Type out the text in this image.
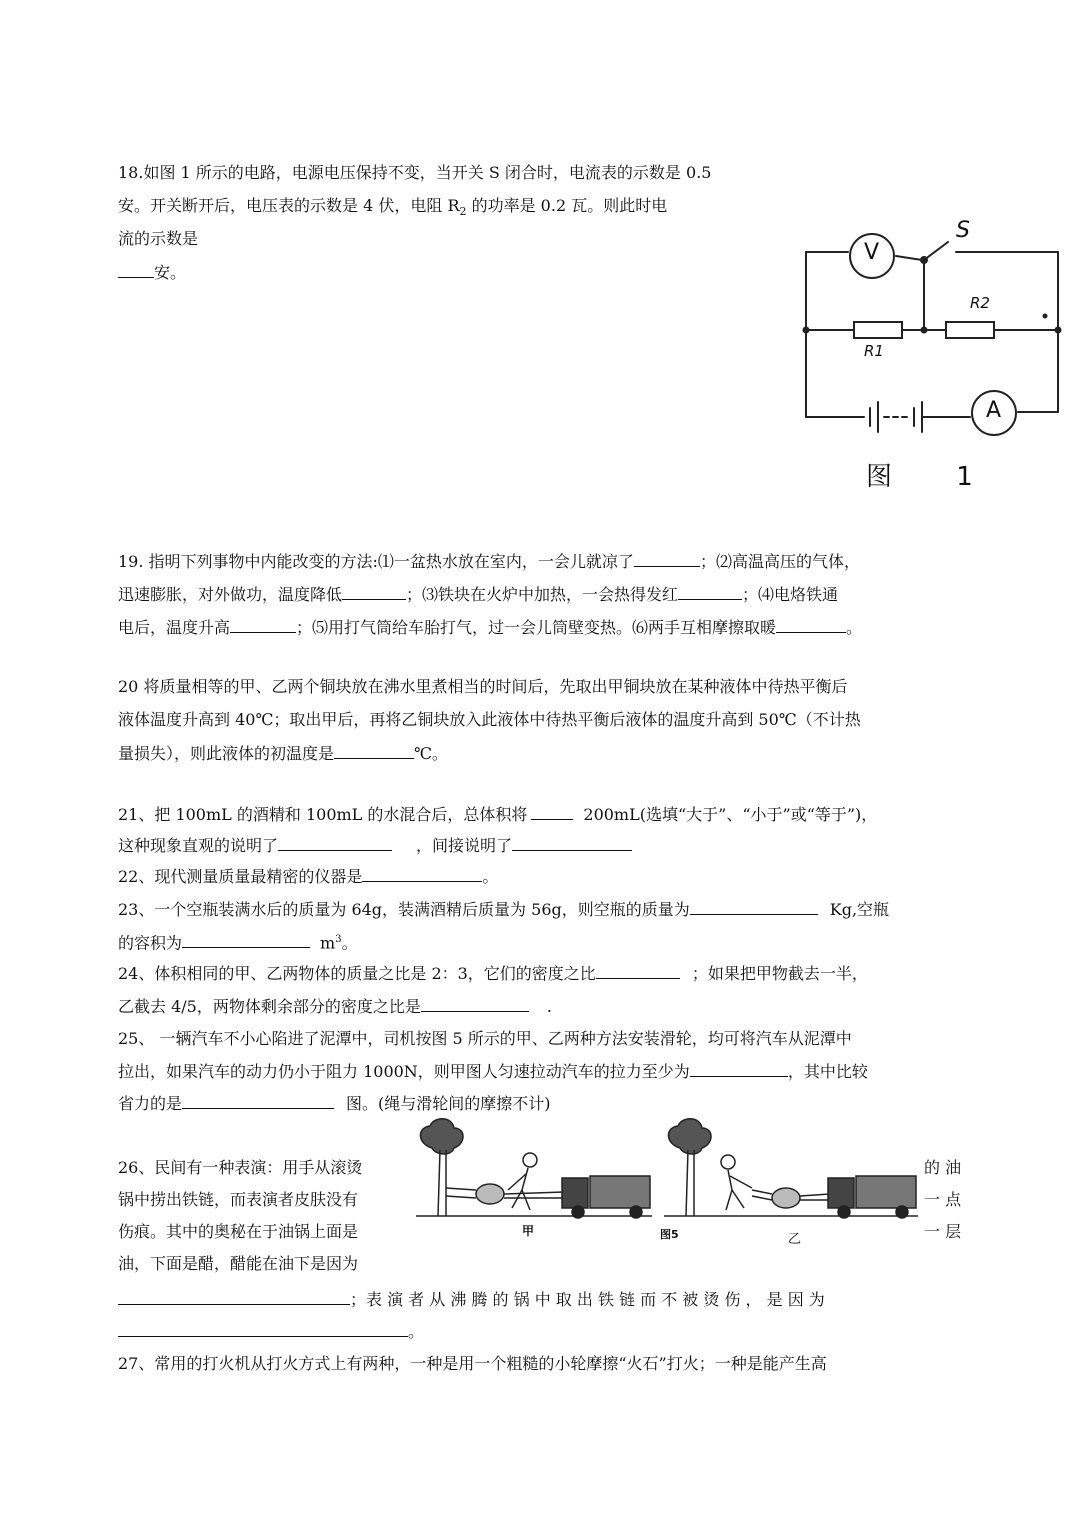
18.如图 1 所示的电路，电源电压保持不变，当开关 S 闭合时，电流表的示数是 0.5
安。开关断开后，电压表的示数是 4 伏，电阻 $R_2$ 的功率是 0.2 瓦。则此时电
流的示数是
安。
V
A
S
R1
R2
图 1
19. 指明下列事物中内能改变的方法:⑴一盆热水放在室内，一会儿就凉了	；⑵高温高压的气体，
迅速膨胀，对外做功，温度降低	；⑶铁块在火炉中加热，一会热得发红	；⑷电烙铁通
电后，温度升高	；⑸用打气筒给车胎打气，过一会儿筒壁变热。⑹两手互相摩擦取暖	。
20 将质量相等的甲、乙两个铜块放在沸水里煮相当的时间后，先取出甲铜块放在某种液体中待热平衡后
液体温度升高到 40℃；取出甲后，再将乙铜块放入此液体中待热平衡后液体的温度升高到 50℃（不计热
量损失），则此液体的初温度是	℃。
21、把 100mL 的酒精和 100mL 的水混合后，总体积将	200mL(选填“大于”、“小于”或“等于”)，
这种现象直观的说明了	，间接说明了
22、现代测量质量最精密的仪器是	。
23、一个空瓶装满水后的质量为 64g，装满酒精后质量为 56g，则空瓶的质量为	Kg,空瓶
的容积为	$m^3$。
24、体积相同的甲、乙两物体的质量之比是 2：3，它们的密度之比	；如果把甲物截去一半，
乙截去 4/5，两物体剩余部分的密度之比是	.
25、 一辆汽车不小心陷进了泥潭中，司机按图 5 所示的甲、乙两种方法安装滑轮，均可将汽车从泥潭中
拉出，如果汽车的动力仍小于阻力 1000N，则甲图人匀速拉动汽车的拉力至少为	，其中比较
省力的是	图。(绳与滑轮间的摩擦不计)
26、民间有一种表演：用手从滚烫	的 油
锅中捞出铁链，而表演者皮肤没有	一 点
伤痕。其中的奥秘在于油锅上面是	一 层
油，下面是醋，醋能在油下是因为
；表 演 者 从 沸 腾 的 锅 中 取 出 铁 链 而 不 被 烫 伤 ， 是 因 为
。
甲	图5	乙
27、常用的打火机从打火方式上有两种，一种是用一个粗糙的小轮摩擦“火石”打火；一种是能产生高
